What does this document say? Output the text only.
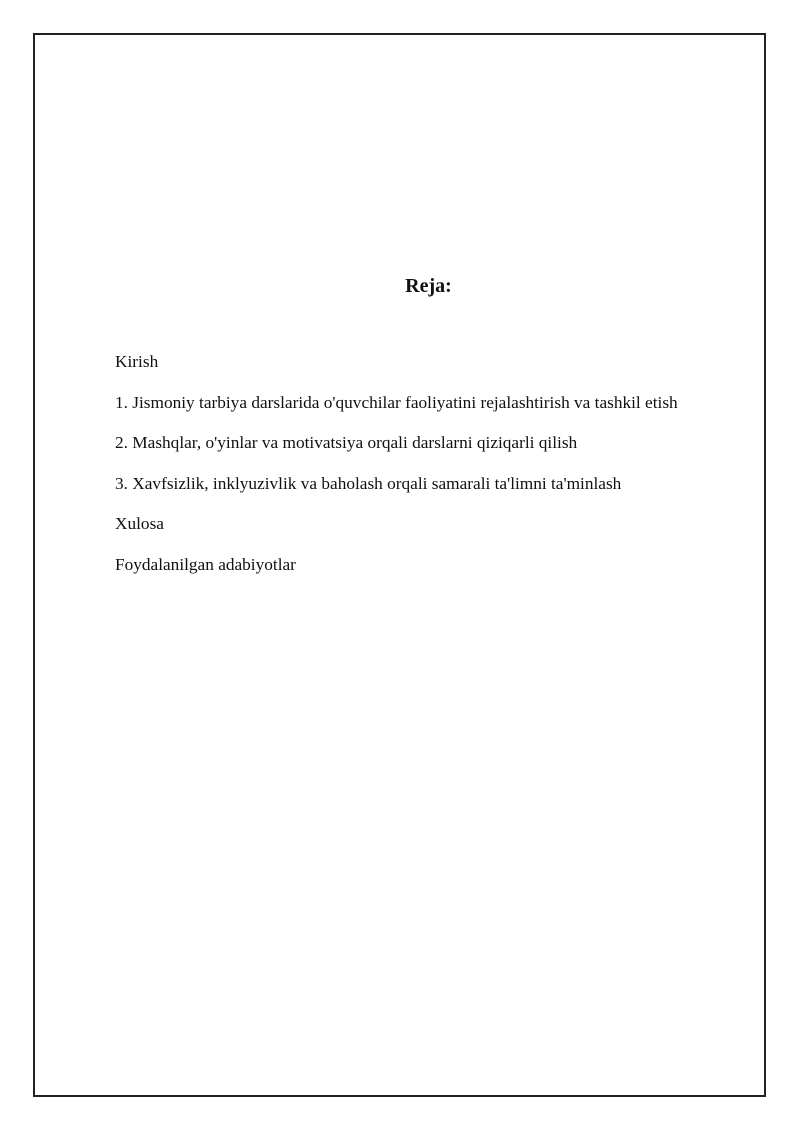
Reja:
Kirish
1. Jismoniy tarbiya darslarida o'quvchilar faoliyatini rejalashtirish va tashkil etish
2. Mashqlar, o'yinlar va motivatsiya orqali darslarni qiziqarli qilish
3. Xavfsizlik, inklyuzivlik va baholash orqali samarali ta'limni ta'minlash
Xulosa
Foydalanilgan adabiyotlar
